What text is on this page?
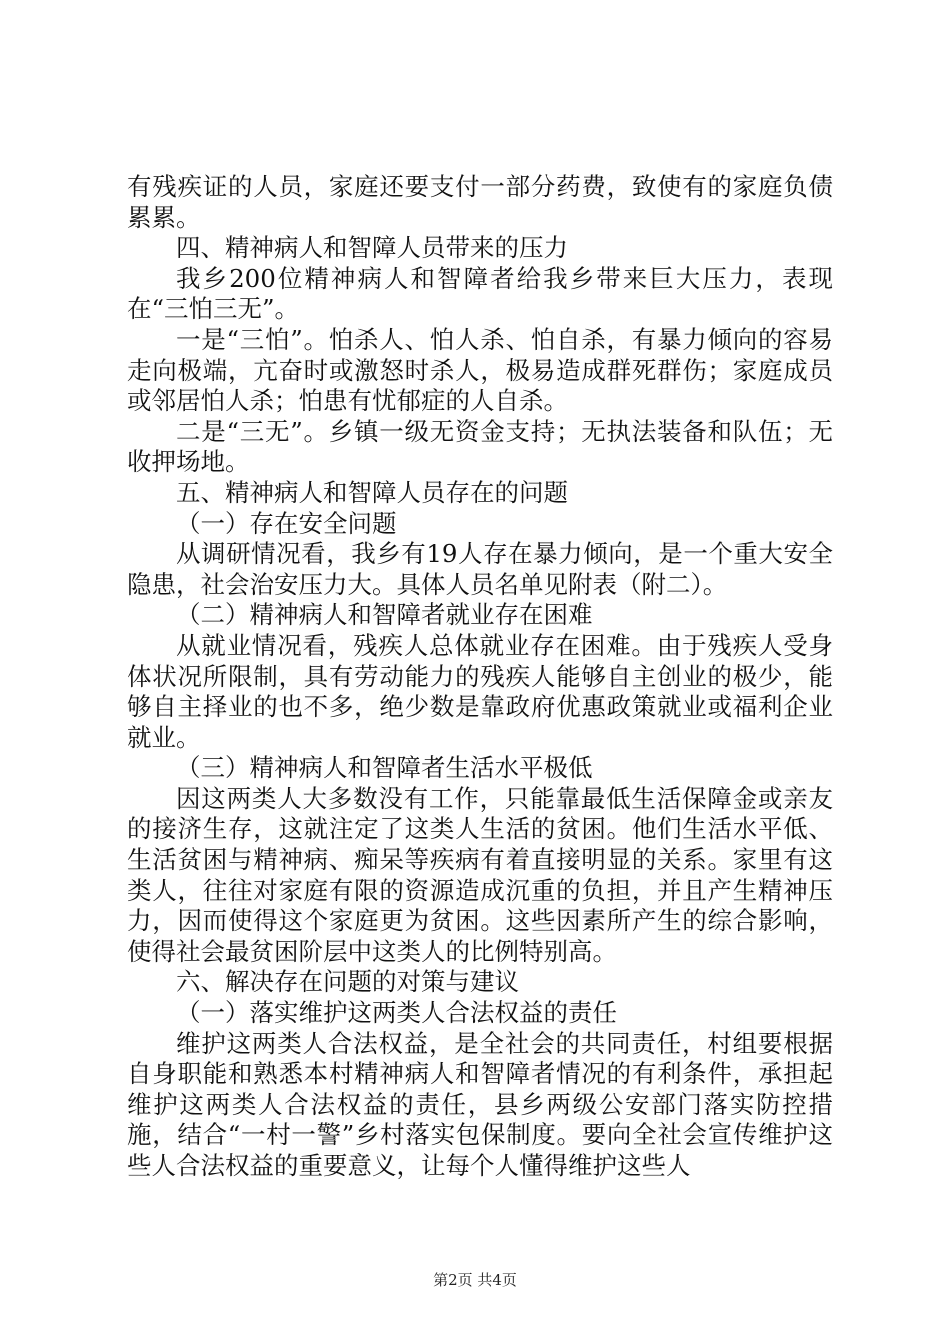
有残疾证的人员，家庭还要支付一部分药费，致使有的家庭负债累累。

四、精神病人和智障人员带来的压力

我乡200位精神病人和智障者给我乡带来巨大压力，表现在“三怕三无”。

一是“三怕”。怕杀人、怕人杀、怕自杀，有暴力倾向的容易走向极端，亢奋时或激怒时杀人，极易造成群死群伤；家庭成员或邻居怕人杀；怕患有忧郁症的人自杀。

二是“三无”。乡镇一级无资金支持；无执法装备和队伍；无收押场地。

五、精神病人和智障人员存在的问题

（一）存在安全问题

从调研情况看，我乡有19人存在暴力倾向，是一个重大安全隐患，社会治安压力大。具体人员名单见附表（附二）。

（二）精神病人和智障者就业存在困难

从就业情况看，残疾人总体就业存在困难。由于残疾人受身体状况所限制，具有劳动能力的残疾人能够自主创业的极少，能够自主择业的也不多，绝少数是靠政府优惠政策就业或福利企业就业。

（三）精神病人和智障者生活水平极低

因这两类人大多数没有工作，只能靠最低生活保障金或亲友的接济生存，这就注定了这类人生活的贫困。他们生活水平低、生活贫困与精神病、痴呆等疾病有着直接明显的关系。家里有这类人，往往对家庭有限的资源造成沉重的负担，并且产生精神压力，因而使得这个家庭更为贫困。这些因素所产生的综合影响，使得社会最贫困阶层中这类人的比例特别高。

六、解决存在问题的对策与建议

（一）落实维护这两类人合法权益的责任

维护这两类人合法权益，是全社会的共同责任，村组要根据自身职能和熟悉本村精神病人和智障者情况的有利条件，承担起维护这两类人合法权益的责任，县乡两级公安部门落实防控措施，结合“一村一警”乡村落实包保制度。要向全社会宣传维护这些人合法权益的重要意义，让每个人懂得维护这些人

第2页 共4页
